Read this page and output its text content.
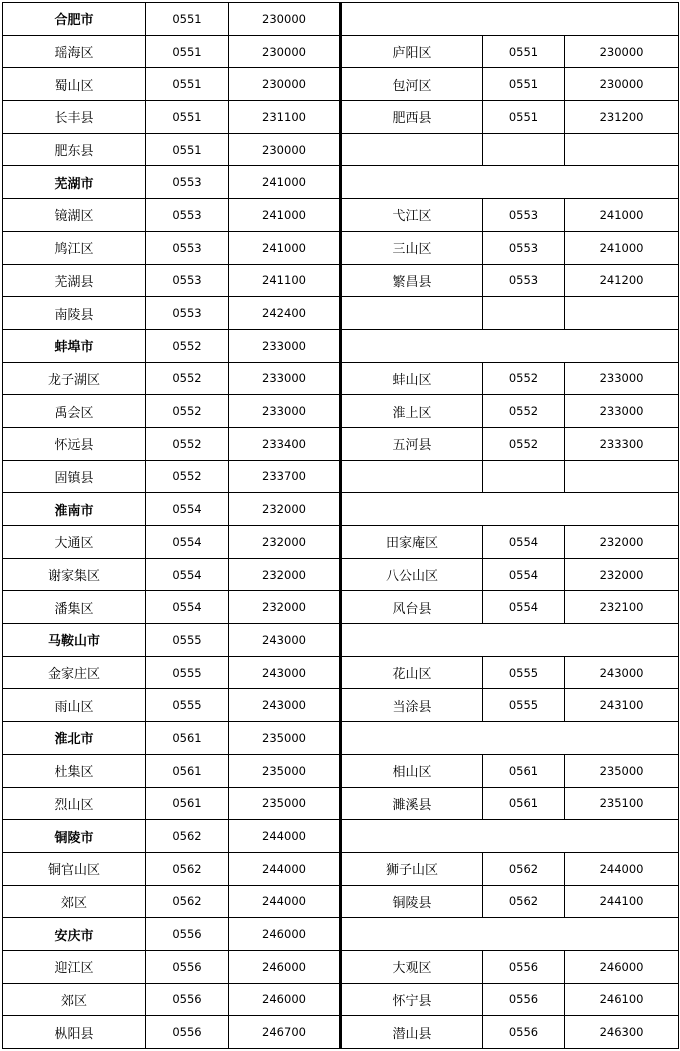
合肥市	0551	230000			
瑶海区	0551	230000	庐阳区	0551	230000
蜀山区	0551	230000	包河区	0551	230000
长丰县	0551	231100	肥西县	0551	231200
肥东县	0551	230000			
芜湖市	0553	241000			
镜湖区	0553	241000	弋江区	0553	241000
鸠江区	0553	241000	三山区	0553	241000
芜湖县	0553	241100	繁昌县	0553	241200
南陵县	0553	242400			
蚌埠市	0552	233000			
龙子湖区	0552	233000	蚌山区	0552	233000
禹会区	0552	233000	淮上区	0552	233000
怀远县	0552	233400	五河县	0552	233300
固镇县	0552	233700			
淮南市	0554	232000			
大通区	0554	232000	田家庵区	0554	232000
谢家集区	0554	232000	八公山区	0554	232000
潘集区	0554	232000	风台县	0554	232100
马鞍山市	0555	243000			
金家庄区	0555	243000	花山区	0555	243000
雨山区	0555	243000	当涂县	0555	243100
淮北市	0561	235000			
杜集区	0561	235000	相山区	0561	235000
烈山区	0561	235000	濉溪县	0561	235100
铜陵市	0562	244000			
铜官山区	0562	244000	狮子山区	0562	244000
郊区	0562	244000	铜陵县	0562	244100
安庆市	0556	246000			
迎江区	0556	246000	大观区	0556	246000
郊区	0556	246000	怀宁县	0556	246100
枞阳县	0556	246700	潜山县	0556	246300
